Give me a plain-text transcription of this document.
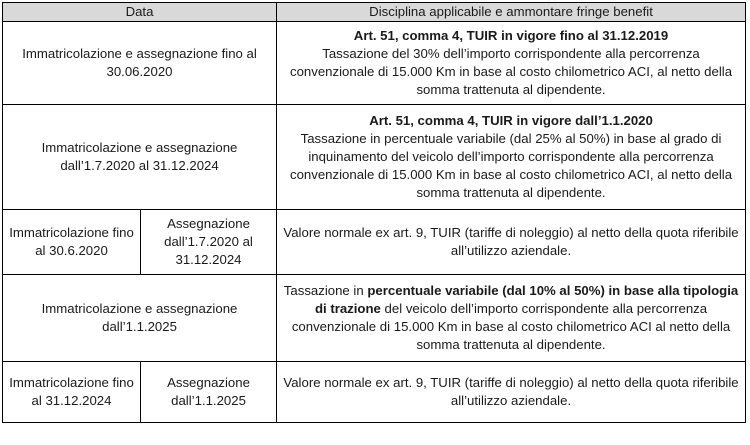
Data		Disciplina applicabile e ammontare fringe benefit
Immatricolazione e assegnazione fino al 30.06.2020		Art. 51, comma 4, TUIR in vigore fino al 31.12.2019
Tassazione del 30% dell’importo corrispondente alla percorrenza convenzionale di 15.000 Km in base al costo chilometrico ACI, al netto della somma trattenuta al dipendente.

Immatricolazione e assegnazione dall’1.7.2020 al 31.12.2024		Art. 51, comma 4, TUIR in vigore dall’1.1.2020
Tassazione in percentuale variabile (dal 25% al 50%) in base al grado di inquinamento del veicolo dell’importo corrispondente alla percorrenza convenzionale di 15.000 Km in base al costo chilometrico ACI, al netto della somma trattenuta al dipendente.

Immatricolazione fino al 30.6.2020	Assegnazione dall’1.7.2020 al 31.12.2024	Valore normale ex art. 9, TUIR (tariffe di noleggio) al netto della quota riferibile all’utilizzo aziendale.
Immatricolazione e assegnazione dall’1.1.2025		Tassazione in percentuale variabile (dal 10% al 50%) in base alla tipologia di trazione del veicolo dell’importo corrispondente alla percorrenza convenzionale di 15.000 Km in base al costo chilometrico ACI al netto della somma trattenuta al dipendente.
Immatricolazione fino al 31.12.2024	Assegnazione dall’1.1.2025	Valore normale ex art. 9, TUIR (tariffe di noleggio) al netto della quota riferibile all’utilizzo aziendale.
